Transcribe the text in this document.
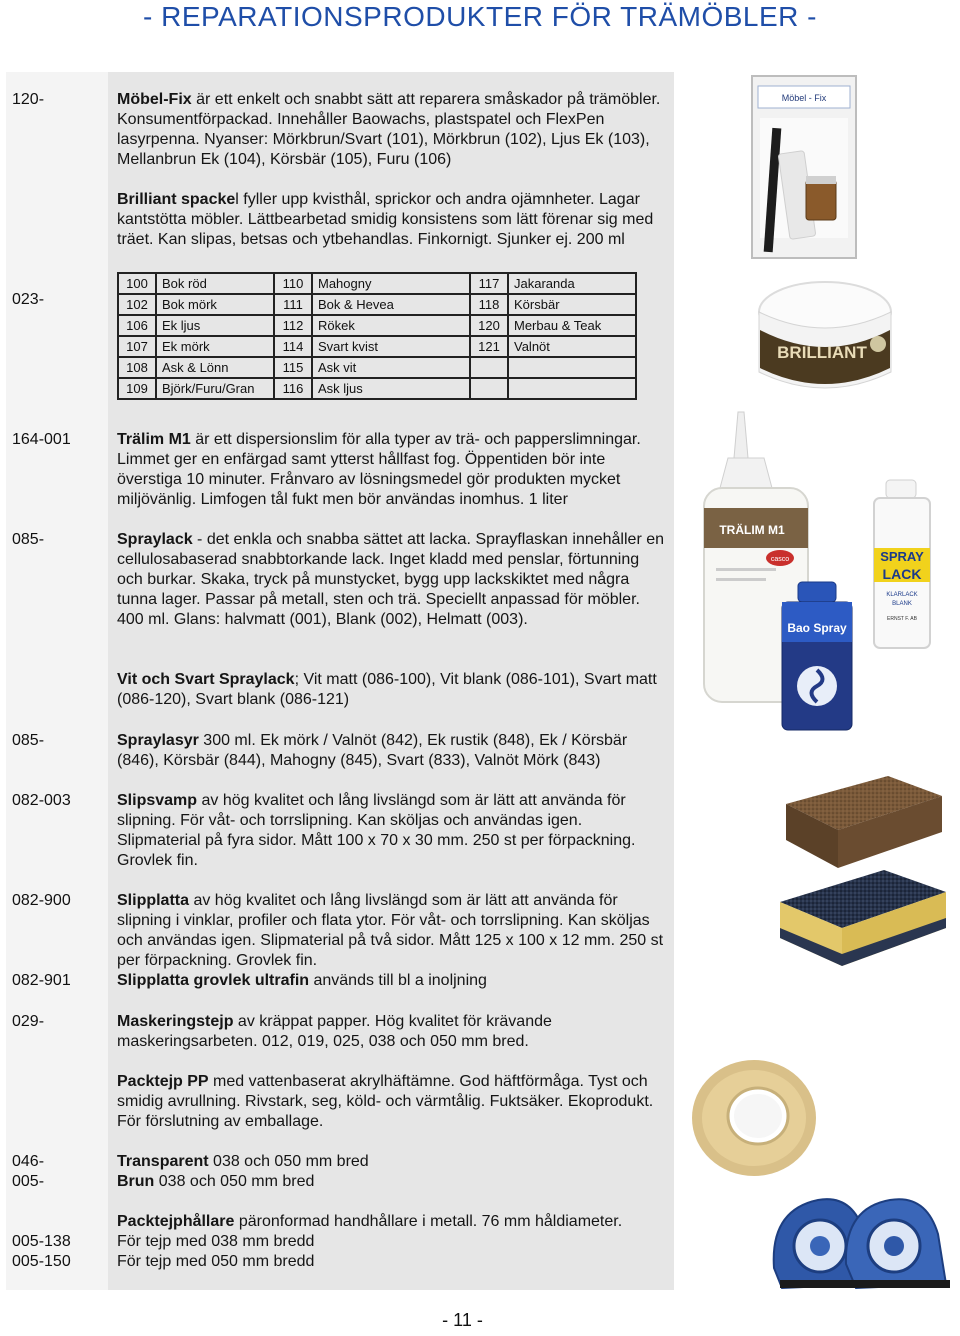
- REPARATIONSPRODUKTER FÖR TRÄMÖBLER -
120-	Möbel-Fix är ett enkelt och snabbt sätt att reparera småskador på trämöbler. Konsumentförpackad. Innehåller Baowachs, plastspatel och FlexPen lasyrpenna. Nyanser: Mörkbrun/Svart (101), Mörkbrun (102), Ljus Ek (103), Mellanbrun Ek (104), Körsbär (105), Furu (106)
Brilliant spackel fyller upp kvisthål, sprickor och andra ojämnheter. Lagar kantstötta möbler. Lättbearbetad smidig konsistens som lätt förenar sig med träet. Kan slipas, betsas och ytbehandlas. Finkornigt. Sjunker ej. 200 ml
023-
100	Bok röd	110	Mahogny	117	Jakaranda
102	Bok mörk	111	Bok & Hevea	118	Körsbär
106	Ek ljus	112	Rökek	120	Merbau & Teak
107	Ek mörk	114	Svart kvist	121	Valnöt
108	Ask & Lönn	115	Ask vit		
109	Björk/Furu/Gran	116	Ask ljus		
164-001	Trälim M1 är ett dispersionslim för alla typer av trä- och papperslimningar. Limmet ger en enfärgad samt ytterst hållfast fog. Öppentiden bör inte överstiga 10 minuter. Frånvaro av lösningsmedel gör produkten mycket miljövänlig. Limfogen tål fukt men bör användas inomhus. 1 liter
085-	Spraylack - det enkla och snabba sättet att lacka. Sprayflaskan innehåller en cellulosabaserad snabbtorkande lack. Inget kladd med penslar, förtunning och burkar. Skaka, tryck på munstycket, bygg upp lackskiktet med några tunna lager. Passar på metall, sten och trä. Speciellt anpassad för möbler. 400 ml. Glans: halvmatt (001), Blank (002), Helmatt (003).
Vit och Svart Spraylack; Vit matt (086-100), Vit blank (086-101), Svart matt (086-120), Svart blank (086-121)
085-	Spraylasyr 300 ml. Ek mörk / Valnöt (842), Ek rustik (848), Ek / Körsbär (846), Körsbär (844), Mahogny (845), Svart (833), Valnöt Mörk (843)
082-003	Slipsvamp av hög kvalitet och lång livslängd som är lätt att använda för slipning. För våt- och torrslipning. Kan sköljas och användas igen. Slipmaterial på fyra sidor. Mått 100 x 70 x 30 mm. 250 st per förpackning. Grovlek fin.
082-900	Slipplatta av hög kvalitet och lång livslängd som är lätt att använda för slipning i vinklar, profiler och flata ytor. För våt- och torrslipning. Kan sköljas och användas igen. Slipmaterial på två sidor. Mått 125 x 100 x 12 mm. 250 st per förpackning. Grovlek fin.
082-901	Slipplatta grovlek ultrafin används till bl a inoljning
029-	Maskeringstejp av kräppat papper. Hög kvalitet för krävande maskeringsarbeten. 012, 019, 025, 038 och 050 mm bred.
Packtejp PP med vattenbaserat akrylhäftämne. God häftförmåga. Tyst och smidig avrullning. Rivstark, seg, köld- och värmtålig. Fuktsäker. Ekoprodukt. För förslutning av emballage.
046-	Transparent 038 och 050 mm bred
005-	Brun 038 och 050 mm bred
Packtejphållare päronformad handhållare i metall. 76 mm håldiameter.
005-138	För tejp med 038 mm bredd
005-150	För tejp med 050 mm bredd
- 11 -
Möbel - Fix
BRILLIANT
TRÄLIM M1
casco	SPRAY
LACK
KLARLACK
BLANK
ERNST F. AB
Bao Spray
